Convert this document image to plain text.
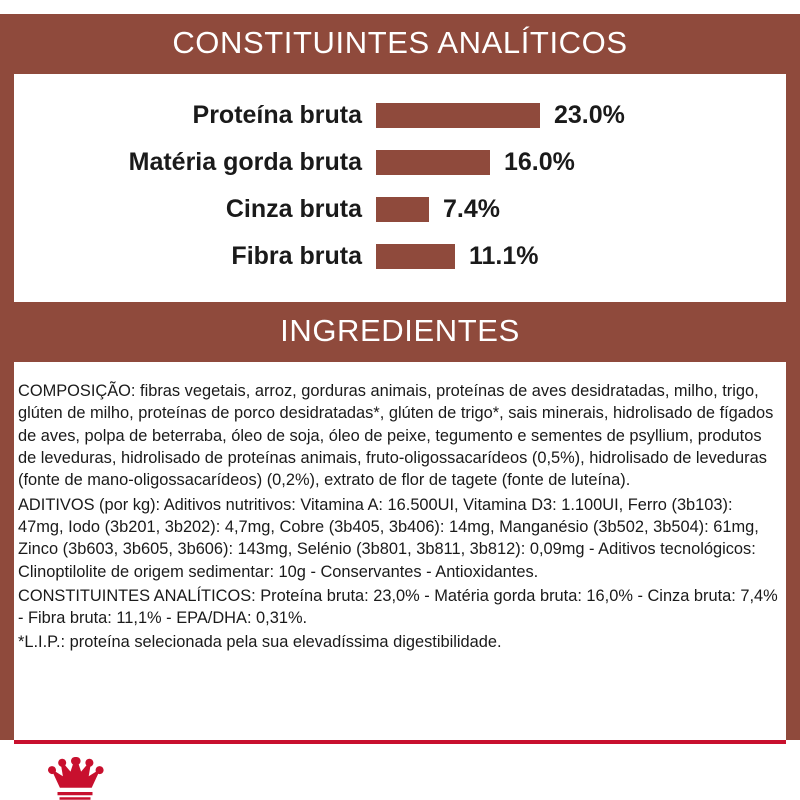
CONSTITUINTES ANALÍTICOS
Proteína bruta	23.0%
Matéria gorda bruta	16.0%
Cinza bruta	7.4%
Fibra bruta	11.1%
INGREDIENTES

COMPOSIÇÃO: fibras vegetais, arroz, gorduras animais, proteínas de aves desidratadas, milho, trigo, glúten de milho, proteínas de porco desidratadas*, glúten de trigo*, sais minerais, hidrolisado de fígados de aves, polpa de beterraba, óleo de soja, óleo de peixe, tegumento e sementes de psyllium, produtos de leveduras, hidrolisado de proteínas animais, fruto-oligossacarídeos (0,5%), hidrolisado de leveduras (fonte de mano-oligossacarídeos) (0,2%), extrato de flor de tagete (fonte de luteína).

ADITIVOS (por kg): Aditivos nutritivos: Vitamina A: 16.500UI, Vitamina D3: 1.100UI, Ferro (3b103): 47mg, Iodo (3b201, 3b202): 4,7mg, Cobre (3b405, 3b406): 14mg, Manganésio (3b502, 3b504): 61mg, Zinco (3b603, 3b605, 3b606): 143mg, Selénio (3b801, 3b811, 3b812): 0,09mg - Aditivos tecnológicos: Clinoptilolite de origem sedimentar: 10g - Conservantes - Antioxidantes.

CONSTITUINTES ANALÍTICOS: Proteína bruta: 23,0% - Matéria gorda bruta: 16,0% - Cinza bruta: 7,4% - Fibra bruta: 11,1% - EPA/DHA: 0,31%.

*L.I.P.: proteína selecionada pela sua elevadíssima digestibilidade.
